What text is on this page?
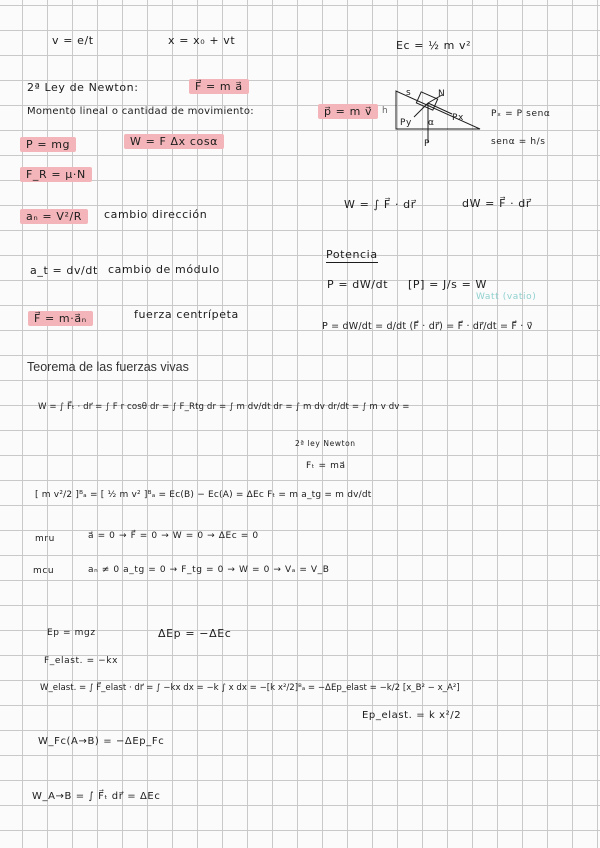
v = e/t	x = x₀ + vt	Ec = ½ m v²
2ª Ley de Newton:	F⃗ = m a⃗
Momento lineal o cantidad de movimiento:	p⃗ = m v⃗
P = mg	W = F Δx cosα
F_R = μ·N
h
s	N
Px
Py α
P
Pₓ = P senα
senα = h/s
aₙ = V²/R	cambio dirección
W = ∫ F⃗ · dr⃗	dW = F⃗ · dr⃗
a_t = dv/dt cambio de módulo
F⃗ = m·a⃗ₙ	fuerza centrípeta
Potencia
P = dW/dt [P] = J/s = W
Watt (vatio)
P = dW/dt = d/dt (F⃗ · dr⃗) = F⃗ · dr⃗/dt = F⃗ · v⃗
Teorema de las fuerzas vivas
W = ∫ F⃗ₜ · dr⃗ = ∫ F r cosθ dr = ∫ F_Rtg dr = ∫ m dv/dt dr = ∫ m dv dr/dt = ∫ m v dv =
2ª ley Newton
Fₜ = ma⃗
[ m v²/2 ]ᴮₐ = [ ½ m v² ]ᴮₐ = Ec(B) − Ec(A) = ΔEc Fₜ = m a_tg = m dv/dt
mru	a⃗ = 0 → F⃗ = 0 → W = 0 → ΔEc = 0
mcu	aₙ ≠ 0 a_tg = 0 → F_tg = 0 → W = 0 → Vₐ = V_B
Ep = mgz	ΔEp = −ΔEc
F_elast. = −kx
W_elast. = ∫ F⃗_elast · dr⃗ = ∫ −kx dx = −k ∫ x dx = −[k x²/2]ᴮₐ = −ΔEp_elast = −k/2 [x_B² − x_A²]
Ep_elast. = k x²/2
W_Fc(A→B) = −ΔEp_Fc
W_A→B = ∫ F⃗ₜ dr⃗ = ΔEc
